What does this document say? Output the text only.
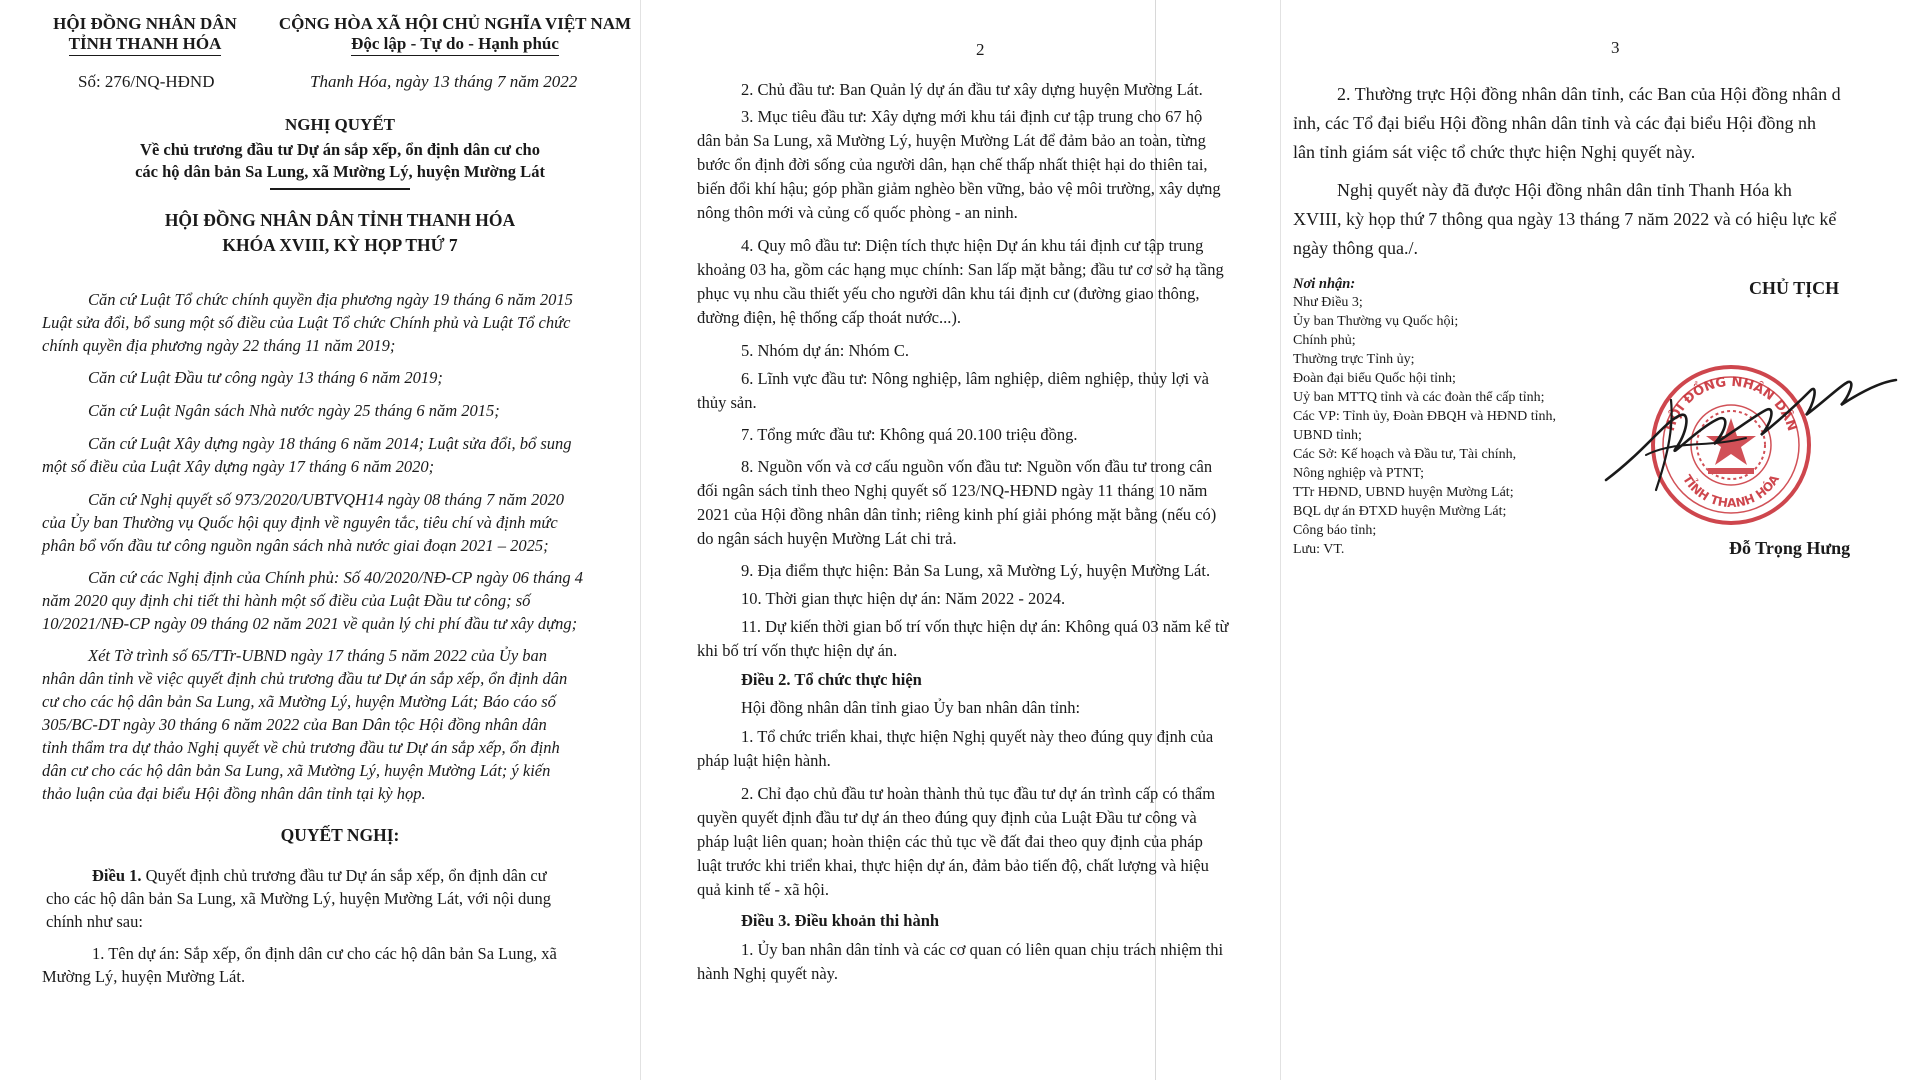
HỘI ĐỒNG NHÂN DÂN
TỈNH THANH HÓA
CỘNG HÒA XÃ HỘI CHỦ NGHĨA VIỆT NAM
Độc lập - Tự do - Hạnh phúc
Số: 276/NQ-HĐND	Thanh Hóa, ngày 13 tháng 7 năm 2022
NGHỊ QUYẾT
Về chủ trương đầu tư Dự án sắp xếp, ổn định dân cư cho
các hộ dân bản Sa Lung, xã Mường Lý, huyện Mường Lát
HỘI ĐỒNG NHÂN DÂN TỈNH THANH HÓA
KHÓA XVIII, KỲ HỌP THỨ 7
Căn cứ Luật Tổ chức chính quyền địa phương ngày 19 tháng 6 năm 2015
Luật sửa đổi, bổ sung một số điều của Luật Tổ chức Chính phủ và Luật Tổ chức
chính quyền địa phương ngày 22 tháng 11 năm 2019;
Căn cứ Luật Đầu tư công ngày 13 tháng 6 năm 2019;
Căn cứ Luật Ngân sách Nhà nước ngày 25 tháng 6 năm 2015;
Căn cứ Luật Xây dựng ngày 18 tháng 6 năm 2014; Luật sửa đổi, bổ sung
một số điều của Luật Xây dựng ngày 17 tháng 6 năm 2020;
Căn cứ Nghị quyết số 973/2020/UBTVQH14 ngày 08 tháng 7 năm 2020
của Ủy ban Thường vụ Quốc hội quy định về nguyên tắc, tiêu chí và định mức
phân bổ vốn đầu tư công nguồn ngân sách nhà nước giai đoạn 2021 – 2025;
Căn cứ các Nghị định của Chính phủ: Số 40/2020/NĐ-CP ngày 06 tháng 4
năm 2020 quy định chi tiết thi hành một số điều của Luật Đầu tư công; số
10/2021/NĐ-CP ngày 09 tháng 02 năm 2021 về quản lý chi phí đầu tư xây dựng;
Xét Tờ trình số 65/TTr-UBND ngày 17 tháng 5 năm 2022 của Ủy ban
nhân dân tỉnh về việc quyết định chủ trương đầu tư Dự án sắp xếp, ổn định dân
cư cho các hộ dân bản Sa Lung, xã Mường Lý, huyện Mường Lát; Báo cáo số
305/BC-DT ngày 30 tháng 6 năm 2022 của Ban Dân tộc Hội đồng nhân dân
tỉnh thẩm tra dự thảo Nghị quyết về chủ trương đầu tư Dự án sắp xếp, ổn định
dân cư cho các hộ dân bản Sa Lung, xã Mường Lý, huyện Mường Lát; ý kiến
thảo luận của đại biểu Hội đồng nhân dân tỉnh tại kỳ họp.
QUYẾT NGHỊ:
Điều 1. Quyết định chủ trương đầu tư Dự án sắp xếp, ổn định dân cư
cho các hộ dân bản Sa Lung, xã Mường Lý, huyện Mường Lát, với nội dung
chính như sau:
1. Tên dự án: Sắp xếp, ổn định dân cư cho các hộ dân bản Sa Lung, xã
Mường Lý, huyện Mường Lát.
2
2. Chủ đầu tư: Ban Quản lý dự án đầu tư xây dựng huyện Mường Lát.
3. Mục tiêu đầu tư: Xây dựng mới khu tái định cư tập trung cho 67 hộ
dân bản Sa Lung, xã Mường Lý, huyện Mường Lát để đảm bảo an toàn, từng
bước ổn định đời sống của người dân, hạn chế thấp nhất thiệt hại do thiên tai,
biến đổi khí hậu; góp phần giảm nghèo bền vững, bảo vệ môi trường, xây dựng
nông thôn mới và củng cố quốc phòng - an ninh.
4. Quy mô đầu tư: Diện tích thực hiện Dự án khu tái định cư tập trung
khoảng 03 ha, gồm các hạng mục chính: San lấp mặt bằng; đầu tư cơ sở hạ tầng
phục vụ nhu cầu thiết yếu cho người dân khu tái định cư (đường giao thông,
đường điện, hệ thống cấp thoát nước...).
5. Nhóm dự án: Nhóm C.
6. Lĩnh vực đầu tư: Nông nghiệp, lâm nghiệp, diêm nghiệp, thủy lợi và
thủy sản.
7. Tổng mức đầu tư: Không quá 20.100 triệu đồng.
8. Nguồn vốn và cơ cấu nguồn vốn đầu tư: Nguồn vốn đầu tư trong cân
đối ngân sách tỉnh theo Nghị quyết số 123/NQ-HĐND ngày 11 tháng 10 năm
2021 của Hội đồng nhân dân tỉnh; riêng kinh phí giải phóng mặt bằng (nếu có)
do ngân sách huyện Mường Lát chi trả.
9. Địa điểm thực hiện: Bản Sa Lung, xã Mường Lý, huyện Mường Lát.
10. Thời gian thực hiện dự án: Năm 2022 - 2024.
11. Dự kiến thời gian bố trí vốn thực hiện dự án: Không quá 03 năm kể từ
khi bố trí vốn thực hiện dự án.
Điều 2. Tổ chức thực hiện
Hội đồng nhân dân tỉnh giao Ủy ban nhân dân tỉnh:
1. Tổ chức triển khai, thực hiện Nghị quyết này theo đúng quy định của
pháp luật hiện hành.
2. Chỉ đạo chủ đầu tư hoàn thành thủ tục đầu tư dự án trình cấp có thẩm
quyền quyết định đầu tư dự án theo đúng quy định của Luật Đầu tư công và
pháp luật liên quan; hoàn thiện các thủ tục về đất đai theo quy định của pháp
luật trước khi triển khai, thực hiện dự án, đảm bảo tiến độ, chất lượng và hiệu
quả kinh tế - xã hội.
Điều 3. Điều khoản thi hành
1. Ủy ban nhân dân tỉnh và các cơ quan có liên quan chịu trách nhiệm thi
hành Nghị quyết này.
3
2. Thường trực Hội đồng nhân dân tỉnh, các Ban của Hội đồng nhân d
ỉnh, các Tổ đại biểu Hội đồng nhân dân tỉnh và các đại biểu Hội đồng nh
lân tỉnh giám sát việc tổ chức thực hiện Nghị quyết này.
Nghị quyết này đã được Hội đồng nhân dân tỉnh Thanh Hóa kh
XVIII, kỳ họp thứ 7 thông qua ngày 13 tháng 7 năm 2022 và có hiệu lực kể
ngày thông qua./.
Nơi nhận:
Như Điều 3;
Ủy ban Thường vụ Quốc hội;
Chính phủ;
Thường trực Tỉnh ủy;
Đoàn đại biểu Quốc hội tỉnh;
Uỷ ban MTTQ tỉnh và các đoàn thể cấp tỉnh;
Các VP: Tỉnh ủy, Đoàn ĐBQH và HĐND tỉnh,
UBND tỉnh;
Các Sở: Kế hoạch và Đầu tư, Tài chính,
Nông nghiệp và PTNT;
TTr HĐND, UBND huyện Mường Lát;
BQL dự án ĐTXD huyện Mường Lát;
Công báo tỉnh;
Lưu: VT.
CHỦ TỊCH
HỘI ĐỒNG NHÂN DÂN
TỈNH THANH HÓA
Đỗ Trọng Hưng
